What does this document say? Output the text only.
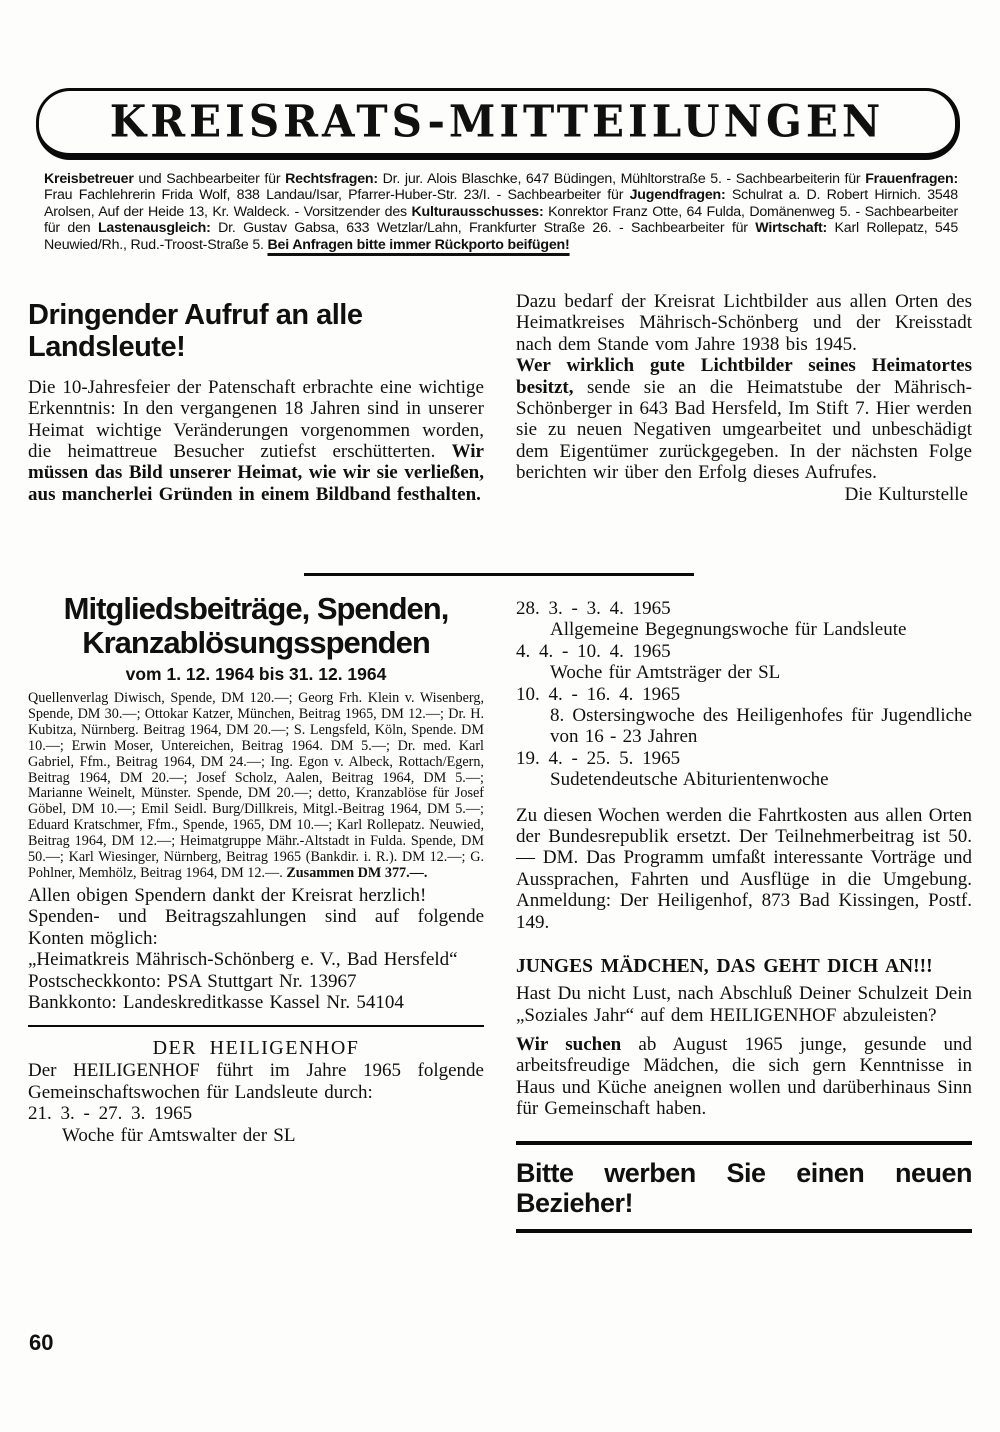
KREISRATS-MITTEILUNGEN

Kreisbetreuer und Sachbearbeiter für Rechtsfragen: Dr. jur. Alois Blaschke, 647 Büdingen, Mühltorstraße 5. - Sachbearbeiterin für Frauenfragen: Frau Fachlehrerin Frida Wolf, 838 Landau/Isar, Pfarrer-Huber-Str. 23/I. - Sachbearbeiter für Jugendfragen: Schulrat a. D. Robert Hirnich. 3548 Arolsen, Auf der Heide 13, Kr. Waldeck. - Vorsitzender des Kulturausschusses: Konrektor Franz Otte, 64 Fulda, Domänenweg 5. - Sachbearbeiter für den Lastenausgleich: Dr. Gustav Gabsa, 633 Wetzlar/Lahn, Frankfurter Straße 26. - Sachbearbeiter für Wirtschaft: Karl Rollepatz, 545 Neuwied/Rh., Rud.-Troost-Straße 5. Bei Anfragen bitte immer Rückporto beifügen!

Dringender Aufruf an alle Landsleute!

Die 10-Jahresfeier der Patenschaft erbrachte eine wichtige Erkenntnis: In den vergangenen 18 Jahren sind in unserer Heimat wichtige Veränderungen vorgenommen worden, die heimattreue Besucher zutiefst erschütterten. Wir müssen das Bild unserer Heimat, wie wir sie verließen, aus mancherlei Gründen in einem Bildband festhalten.

Dazu bedarf der Kreisrat Lichtbilder aus allen Orten des Heimatkreises Mährisch-Schönberg und der Kreisstadt nach dem Stande vom Jahre 1938 bis 1945.

Wer wirklich gute Lichtbilder seines Heimatortes besitzt, sende sie an die Heimatstube der Mährisch-Schönberger in 643 Bad Hersfeld, Im Stift 7. Hier werden sie zu neuen Negativen umgearbeitet und unbeschädigt dem Eigentümer zurückgegeben. In der nächsten Folge berichten wir über den Erfolg dieses Aufrufes.

Die Kulturstelle

Mitgliedsbeiträge, Spenden,
Kranzablösungsspenden
vom 1. 12. 1964 bis 31. 12. 1964

Quellenverlag Diwisch, Spende, DM 120.—; Georg Frh. Klein v. Wisenberg, Spende, DM 30.—; Ottokar Katzer, München, Beitrag 1965, DM 12.—; Dr. H. Kubitza, Nürnberg. Beitrag 1964, DM 20.—; S. Lengsfeld, Köln, Spende. DM 10.—; Erwin Moser, Untereichen, Beitrag 1964. DM 5.—; Dr. med. Karl Gabriel, Ffm., Beitrag 1964, DM 24.—; Ing. Egon v. Albeck, Rottach/Egern, Beitrag 1964, DM 20.—; Josef Scholz, Aalen, Beitrag 1964, DM 5.—; Marianne Weinelt, Münster. Spende, DM 20.—; detto, Kranzablöse für Josef Göbel, DM 10.—; Emil Seidl. Burg/Dillkreis, Mitgl.-Beitrag 1964, DM 5.—; Eduard Kratschmer, Ffm., Spende, 1965, DM 10.—; Karl Rollepatz. Neuwied, Beitrag 1964, DM 12.—; Heimatgruppe Mähr.-Altstadt in Fulda. Spende, DM 50.—; Karl Wiesinger, Nürnberg, Beitrag 1965 (Bankdir. i. R.). DM 12.—; G. Pohlner, Memhölz, Beitrag 1964, DM 12.—. Zusammen DM 377.—.

Allen obigen Spendern dankt der Kreisrat herzlich!

Spenden- und Beitragszahlungen sind auf folgende Konten möglich:

„Heimatkreis Mährisch-Schönberg e. V., Bad Hersfeld“

Postscheckkonto: PSA Stuttgart Nr. 13967

Bankkonto: Landeskreditkasse Kassel Nr. 54104

DER HEILIGENHOF

Der HEILIGENHOF führt im Jahre 1965 folgende Gemeinschaftswochen für Landsleute durch:

21. 3. - 27. 3. 1965
Woche für Amtswalter der SL
28. 3. - 3. 4. 1965
Allgemeine Begegnungswoche für Landsleute
4. 4. - 10. 4. 1965
Woche für Amtsträger der SL
10. 4. - 16. 4. 1965
8. Ostersingwoche des Heiligenhofes für Jugendliche von 16 - 23 Jahren
19. 4. - 25. 5. 1965
Sudetendeutsche Abiturientenwoche

Zu diesen Wochen werden die Fahrtkosten aus allen Orten der Bundesrepublik ersetzt. Der Teilnehmerbeitrag ist 50.— DM. Das Programm umfaßt interessante Vorträge und Aussprachen, Fahrten und Ausflüge in die Umgebung. Anmeldung: Der Heiligenhof, 873 Bad Kissingen, Postf. 149.

JUNGES MÄDCHEN, DAS GEHT DICH AN!!!

Hast Du nicht Lust, nach Abschluß Deiner Schulzeit Dein „Soziales Jahr“ auf dem HEILIGENHOF abzuleisten?

Wir suchen ab August 1965 junge, gesunde und arbeitsfreudige Mädchen, die sich gern Kenntnisse in Haus und Küche aneignen wollen und darüberhinaus Sinn für Gemeinschaft haben.

Bitte werben Sie einen neuen Bezieher!
60
